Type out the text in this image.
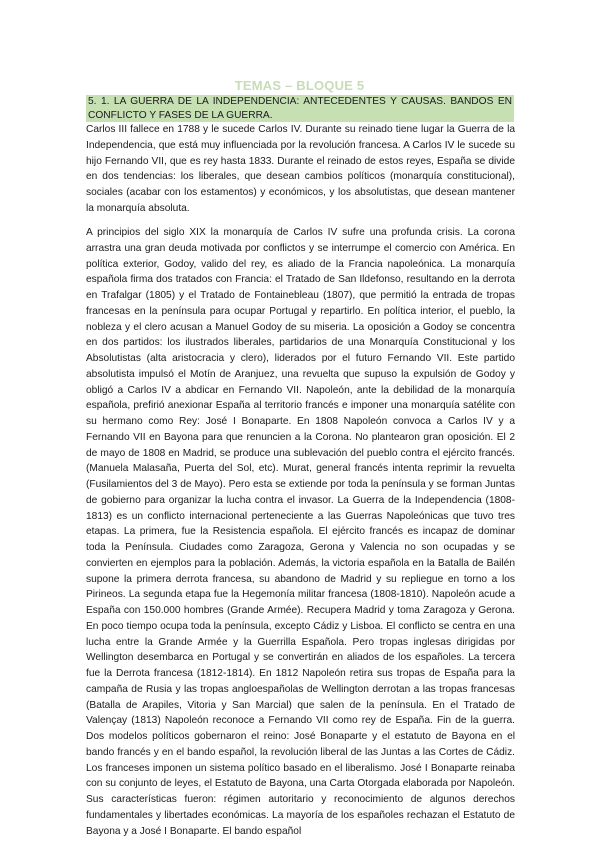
TEMAS – BLOQUE 5
5. 1. LA GUERRA DE LA INDEPENDENCIA: ANTECEDENTES Y CAUSAS. BANDOS EN CONFLICTO Y FASES DE LA GUERRA.

Carlos III fallece en 1788 y le sucede Carlos IV. Durante su reinado tiene lugar la Guerra de la Independencia, que está muy influenciada por la revolución francesa. A Carlos IV le sucede su hijo Fernando VII, que es rey hasta 1833. Durante el reinado de estos reyes, España se divide en dos tendencias: los liberales, que desean cambios políticos (monarquía constitucional), sociales (acabar con los estamentos) y económicos, y los absolutistas, que desean mantener la monarquía absoluta.

A principios del siglo XIX la monarquía de Carlos IV sufre una profunda crisis. La corona arrastra una gran deuda motivada por conflictos y se interrumpe el comercio con América. En política exterior, Godoy, valido del rey, es aliado de la Francia napoleónica. La monarquía española firma dos tratados con Francia: el Tratado de San Ildefonso, resultando en la derrota en Trafalgar (1805) y el Tratado de Fontainebleau (1807), que permitió la entrada de tropas francesas en la península para ocupar Portugal y repartirlo. En política interior, el pueblo, la nobleza y el clero acusan a Manuel Godoy de su miseria. La oposición a Godoy se concentra en dos partidos: los ilustrados liberales, partidarios de una Monarquía Constitucional y los Absolutistas (alta aristocracia y clero), liderados por el futuro Fernando VII. Este partido absolutista impulsó el Motín de Aranjuez, una revuelta que supuso la expulsión de Godoy y obligó a Carlos IV a abdicar en Fernando VII. Napoleón, ante la debilidad de la monarquía española, prefirió anexionar España al territorio francés e imponer una monarquía satélite con su hermano como Rey: José I Bonaparte. En 1808 Napoleón convoca a Carlos IV y a Fernando VII en Bayona para que renuncien a la Corona. No plantearon gran oposición. El 2 de mayo de 1808 en Madrid, se produce una sublevación del pueblo contra el ejército francés. (Manuela Malasaña, Puerta del Sol, etc). Murat, general francés intenta reprimir la revuelta (Fusilamientos del 3 de Mayo). Pero esta se extiende por toda la península y se forman Juntas de gobierno para organizar la lucha contra el invasor. La Guerra de la Independencia (1808-1813) es un conflicto internacional perteneciente a las Guerras Napoleónicas que tuvo tres etapas. La primera, fue la Resistencia española. El ejército francés es incapaz de dominar toda la Península. Ciudades como Zaragoza, Gerona y Valencia no son ocupadas y se convierten en ejemplos para la población. Además, la victoria española en la Batalla de Bailén supone la primera derrota francesa, su abandono de Madrid y su repliegue en torno a los Pirineos. La segunda etapa fue la Hegemonía militar francesa (1808-1810). Napoleón acude a España con 150.000 hombres (Grande Armée). Recupera Madrid y toma Zaragoza y Gerona. En poco tiempo ocupa toda la península, excepto Cádiz y Lisboa. El conflicto se centra en una lucha entre la Grande Armée y la Guerrilla Española. Pero tropas inglesas dirigidas por Wellington desembarca en Portugal y se convertirán en aliados de los españoles. La tercera fue la Derrota francesa (1812-1814). En 1812 Napoleón retira sus tropas de España para la campaña de Rusia y las tropas angloespañolas de Wellington derrotan a las tropas francesas (Batalla de Arapiles, Vitoria y San Marcial) que salen de la península. En el Tratado de Valençay (1813) Napoleón reconoce a Fernando VII como rey de España. Fin de la guerra. Dos modelos políticos gobernaron el reino: José Bonaparte y el estatuto de Bayona en el bando francés y en el bando español, la revolución liberal de las Juntas a las Cortes de Cádiz. Los franceses imponen un sistema político basado en el liberalismo. José I Bonaparte reinaba con su conjunto de leyes, el Estatuto de Bayona, una Carta Otorgada elaborada por Napoleón. Sus características fueron: régimen autoritario y reconocimiento de algunos derechos fundamentales y libertades económicas. La mayoría de los españoles rechazan el Estatuto de Bayona y a José I Bonaparte. El bando español
